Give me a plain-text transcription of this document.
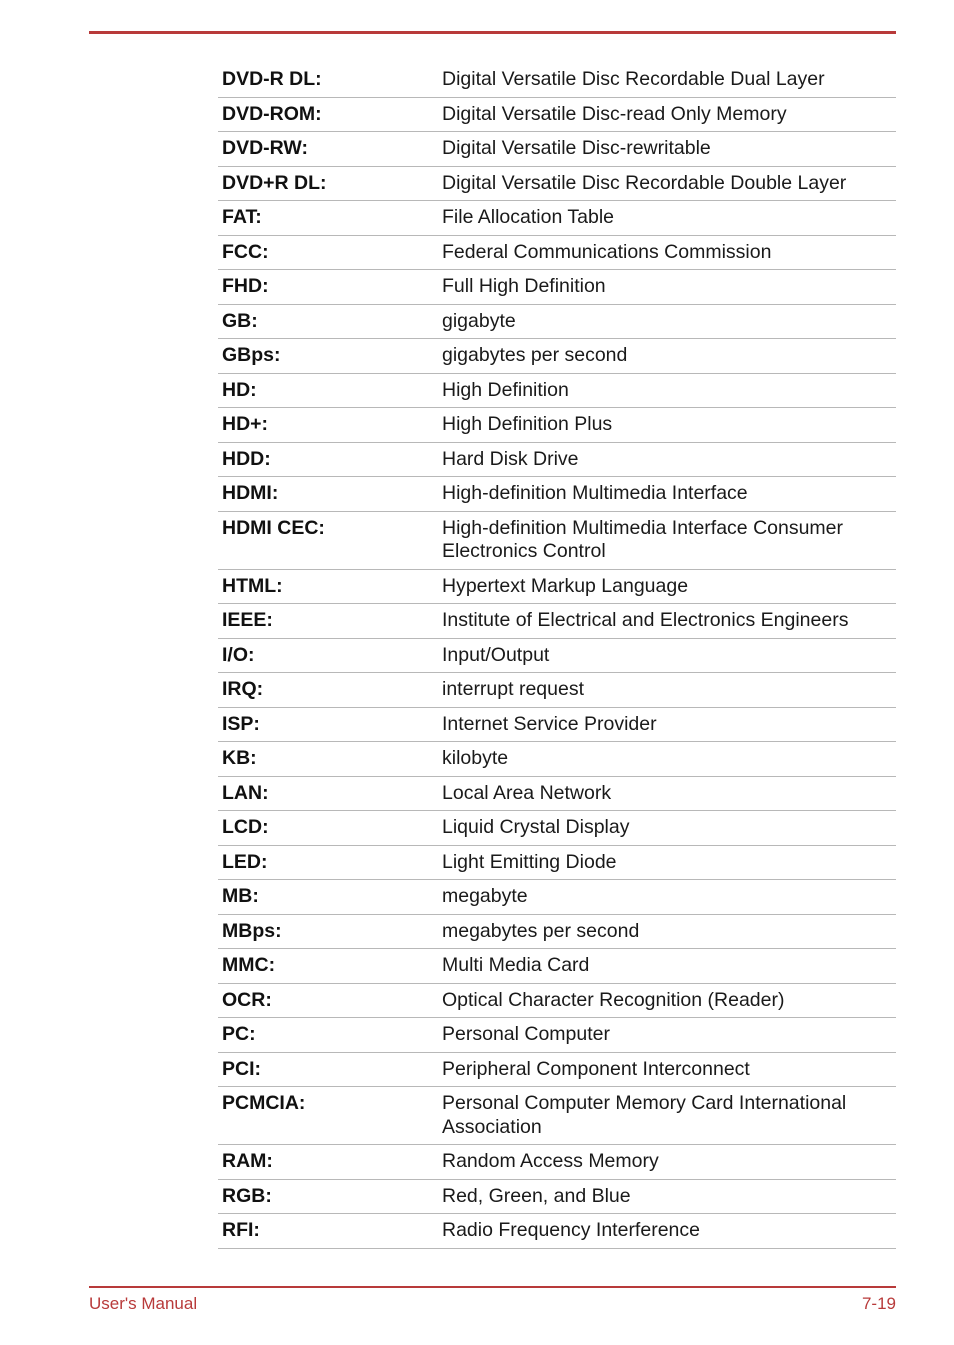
DVD-R DL:	Digital Versatile Disc Recordable Dual Layer
DVD-ROM:	Digital Versatile Disc-read Only Memory
DVD-RW:	Digital Versatile Disc-rewritable
DVD+R DL:	Digital Versatile Disc Recordable Double Layer
FAT:	File Allocation Table
FCC:	Federal Communications Commission
FHD:	Full High Definition
GB:	gigabyte
GBps:	gigabytes per second
HD:	High Definition
HD+:	High Definition Plus
HDD:	Hard Disk Drive
HDMI:	High-definition Multimedia Interface
HDMI CEC:	High-definition Multimedia Interface Consumer Electronics Control
HTML:	Hypertext Markup Language
IEEE:	Institute of Electrical and Electronics Engineers
I/O:	Input/Output
IRQ:	interrupt request
ISP:	Internet Service Provider
KB:	kilobyte
LAN:	Local Area Network
LCD:	Liquid Crystal Display
LED:	Light Emitting Diode
MB:	megabyte
MBps:	megabytes per second
MMC:	Multi Media Card
OCR:	Optical Character Recognition (Reader)
PC:	Personal Computer
PCI:	Peripheral Component Interconnect
PCMCIA:	Personal Computer Memory Card International Association
RAM:	Random Access Memory
RGB:	Red, Green, and Blue
RFI:	Radio Frequency Interference
User's Manual	7-19
